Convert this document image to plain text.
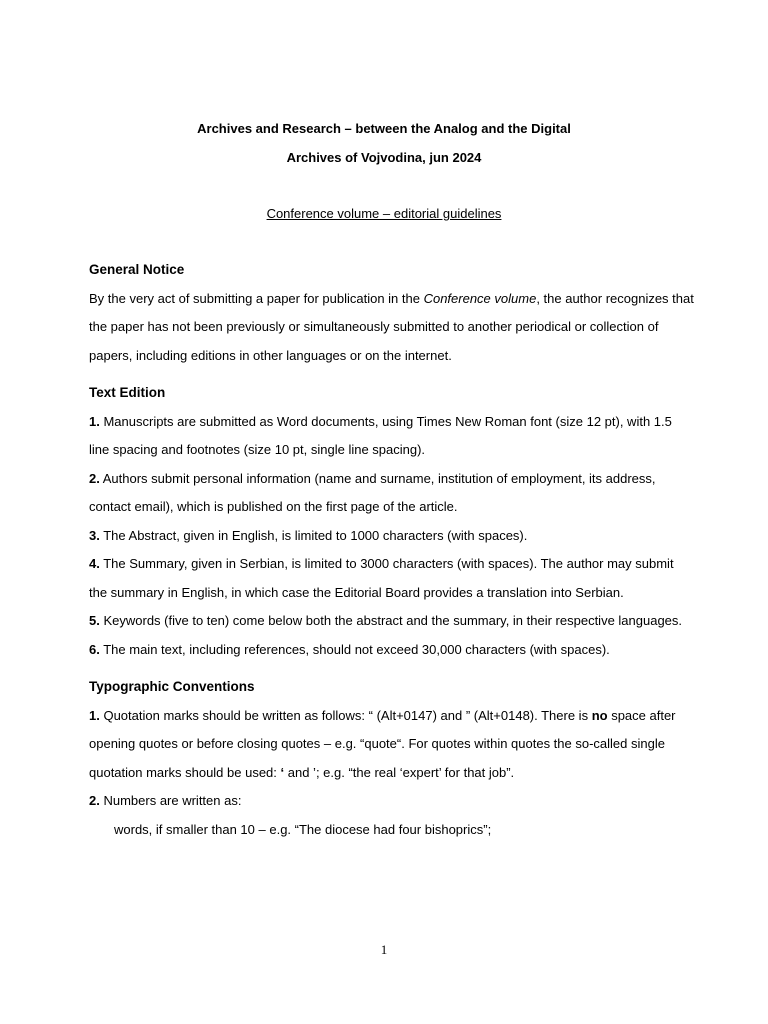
Archives and Research – between the Analog and the Digital
Archives of Vojvodina, jun 2024
Conference volume – editorial guidelines
General Notice

By the very act of submitting a paper for publication in the Conference volume, the author recognizes that the paper has not been previously or simultaneously submitted to another periodical or collection of papers, including editions in other languages or on the internet.

Text Edition

1. Manuscripts are submitted as Word documents, using Times New Roman font (size 12 pt), with 1.5 line spacing and footnotes (size 10 pt, single line spacing).

2. Authors submit personal information (name and surname, institution of employment, its address, contact email), which is published on the first page of the article.

3. The Abstract, given in English, is limited to 1000 characters (with spaces).

4. The Summary, given in Serbian, is limited to 3000 characters (with spaces). The author may submit the summary in English, in which case the Editorial Board provides a translation into Serbian.

5. Keywords (five to ten) come below both the abstract and the summary, in their respective languages.

6. The main text, including references, should not exceed 30,000 characters (with spaces).

Typographic Conventions

1. Quotation marks should be written as follows: “ (Alt+0147) and ” (Alt+0148). There is no space after opening quotes or before closing quotes – e.g. “quote“. For quotes within quotes the so-called single quotation marks should be used: ‘ and ’; e.g. “the real ‘expert’ for that job”.

2. Numbers are written as:

words, if smaller than 10 – e.g. “The diocese had four bishoprics”;

1
